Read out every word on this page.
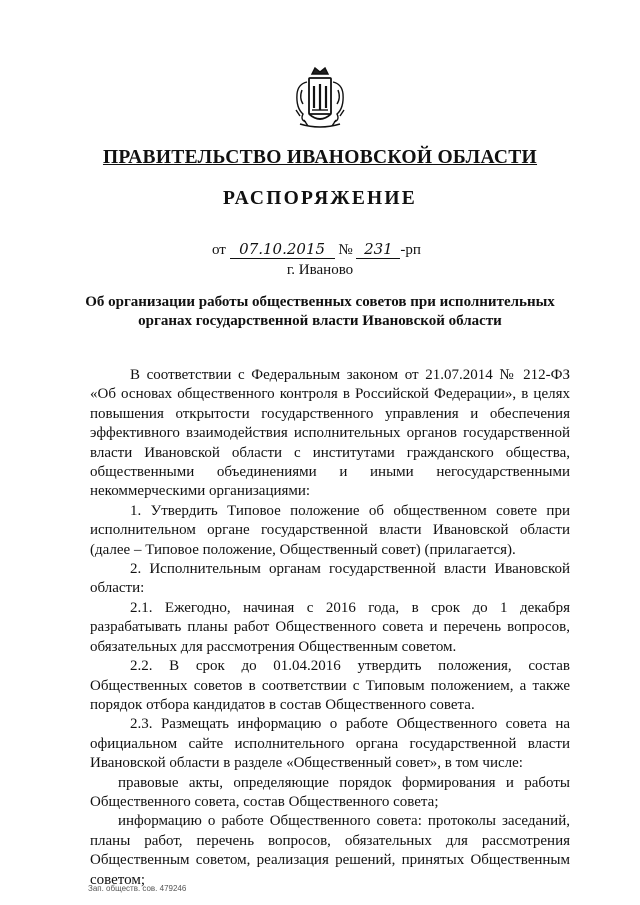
ПРАВИТЕЛЬСТВО ИВАНОВСКОЙ ОБЛАСТИ
РАСПОРЯЖЕНИЕ
от 07.10.2015 № 231 -рп
г. Иваново
Об организации работы общественных советов при исполнительных органах государственной власти Ивановской области

В соответствии с Федеральным законом от 21.07.2014 № 212-ФЗ «Об основах общественного контроля в Российской Федерации», в целях повышения открытости государственного управления и обеспечения эффективного взаимодействия исполнительных органов государственной власти Ивановской области с институтами гражданского общества, общественными объединениями и иными негосударственными некоммерческими организациями:

1. Утвердить Типовое положение об общественном совете при исполнительном органе государственной власти Ивановской области (далее – Типовое положение, Общественный совет) (прилагается).

2. Исполнительным органам государственной власти Ивановской области:

2.1. Ежегодно, начиная с 2016 года, в срок до 1 декабря разрабатывать планы работ Общественного совета и перечень вопросов, обязательных для рассмотрения Общественным советом.

2.2. В срок до 01.04.2016 утвердить положения, состав Общественных советов в соответствии с Типовым положением, а также порядок отбора кандидатов в состав Общественного совета.

2.3. Размещать информацию о работе Общественного совета на официальном сайте исполнительного органа государственной власти Ивановской области в разделе «Общественный совет», в том числе:

правовые акты, определяющие порядок формирования и работы Общественного совета, состав Общественного совета;

информацию о работе Общественного совета: протоколы заседаний, планы работ, перечень вопросов, обязательных для рассмотрения Общественным советом, реализация решений, принятых Общественным советом;

Зап. обществ. сов. 479246
